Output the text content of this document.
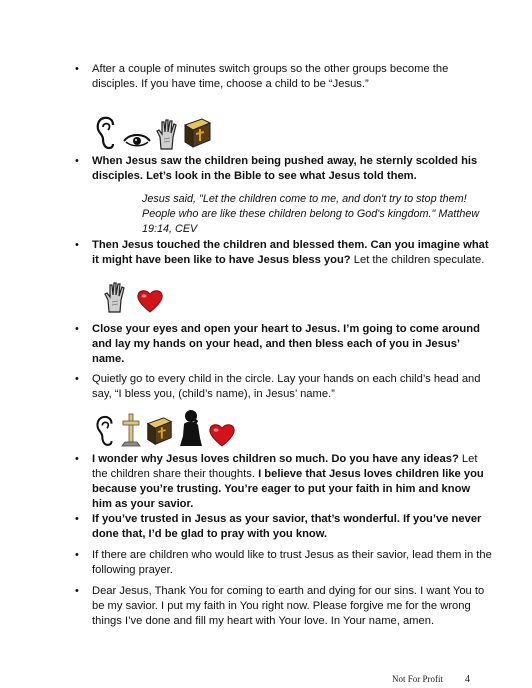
• After a couple of minutes switch groups so the other groups become the disciples. If you have time, choose a child to be “Jesus.”

• When Jesus saw the children being pushed away, he sternly scolded his disciples. Let’s look in the Bible to see what Jesus told them.

Jesus said, "Let the children come to me, and don't try to stop them! People who are like these children belong to God's kingdom." Matthew 19:14, CEV

• Then Jesus touched the children and blessed them. Can you imagine what it might have been like to have Jesus bless you? Let the children speculate.

• Close your eyes and open your heart to Jesus. I’m going to come around and lay my hands on your head, and then bless each of you in Jesus’ name.

• Quietly go to every child in the circle. Lay your hands on each child’s head and say, “I bless you, (child’s name), in Jesus’ name.”

• I wonder why Jesus loves children so much. Do you have any ideas? Let the children share their thoughts. I believe that Jesus loves children like you because you’re trusting. You’re eager to put your faith in him and know him as your savior.

• If you’ve trusted in Jesus as your savior, that’s wonderful. If you’ve never done that, I’d be glad to pray with you know.

• If there are children who would like to trust Jesus as their savior, lead them in the following prayer.

• Dear Jesus, Thank You for coming to earth and dying for our sins. I want You to be my savior. I put my faith in You right now. Please forgive me for the wrong things I’ve done and fill my heart with Your love. In Your name, amen.

Not For Profit 4
